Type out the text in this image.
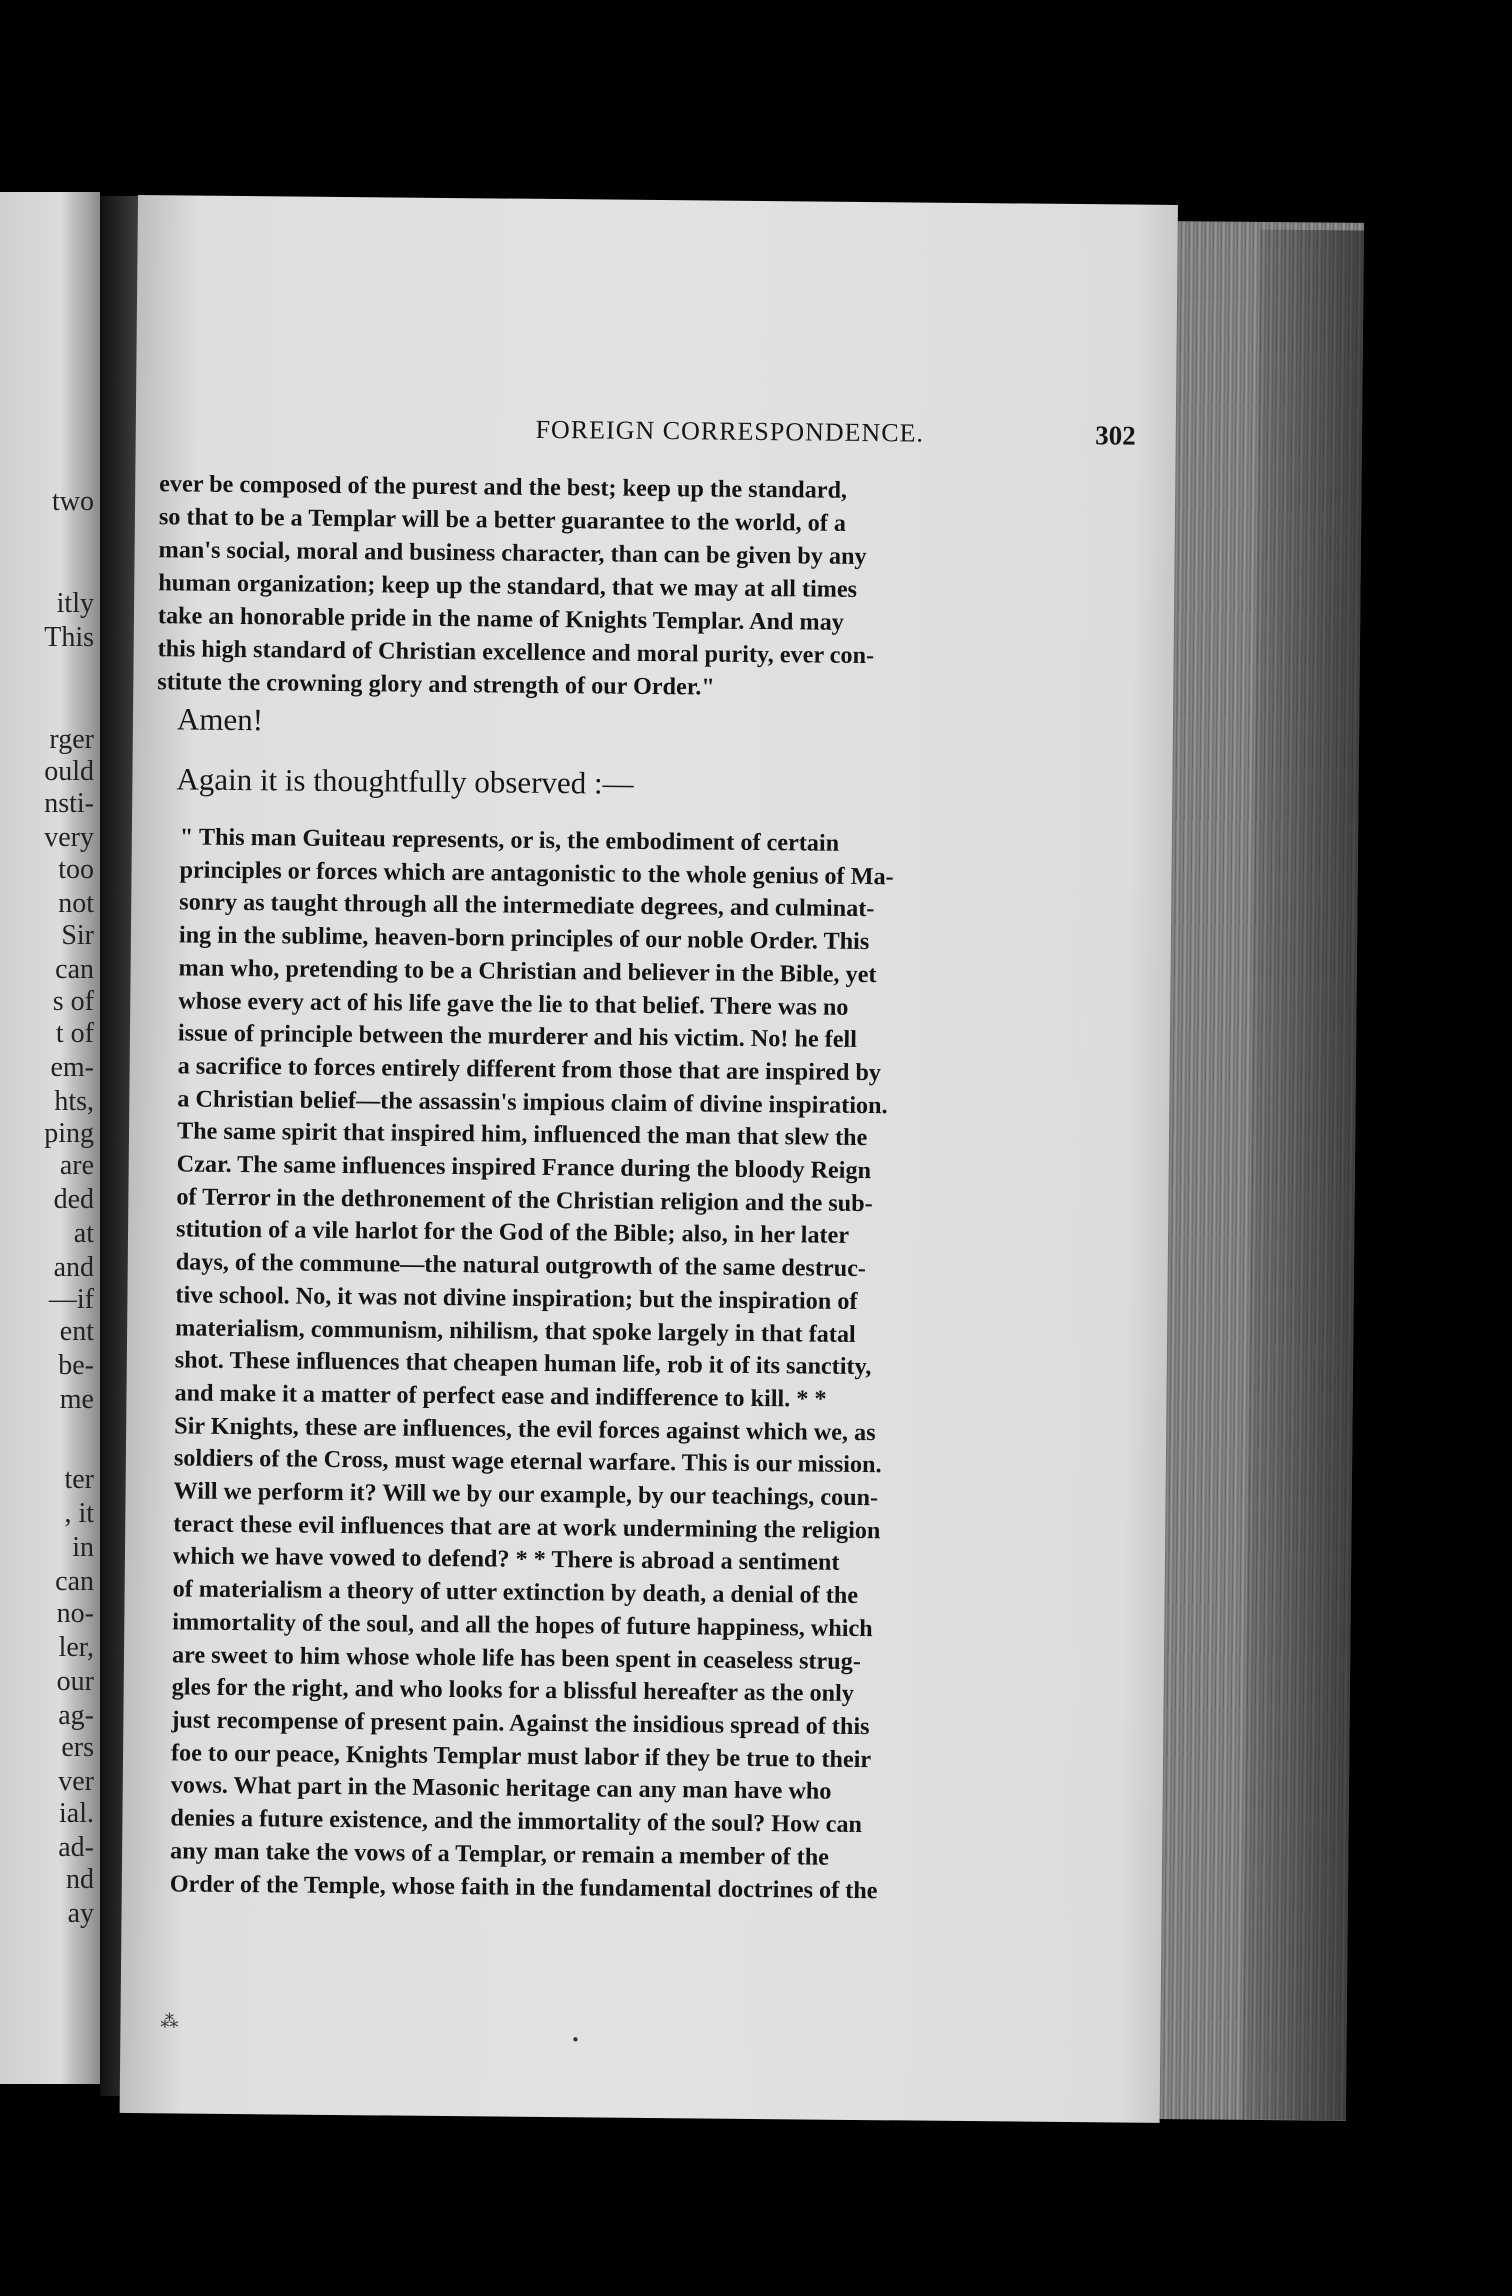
two
itly
This
rger
ould
nsti-
very
too
not
Sir
can
s of
t of
em-
hts,
ping
are
ded
at
and
—if
ent
be-
me
ter
, it
in
can
no-
ler,
our
ag-
ers
ver
ial.
ad-
nd
ay
FOREIGN CORRESPONDENCE.	302
ever be composed of the purest and the best; keep up the standard,
so that to be a Templar will be a better guarantee to the world, of a
man's social, moral and business character, than can be given by any
human organization; keep up the standard, that we may at all times
take an honorable pride in the name of Knights Templar. And may
this high standard of Christian excellence and moral purity, ever con-
stitute the crowning glory and strength of our Order."
Amen!
Again it is thoughtfully observed :—
" This man Guiteau represents, or is, the embodiment of certain
principles or forces which are antagonistic to the whole genius of Ma-
sonry as taught through all the intermediate degrees, and culminat-
ing in the sublime, heaven-born principles of our noble Order. This
man who, pretending to be a Christian and believer in the Bible, yet
whose every act of his life gave the lie to that belief. There was no
issue of principle between the murderer and his victim. No! he fell
a sacrifice to forces entirely different from those that are inspired by
a Christian belief—the assassin's impious claim of divine inspiration.
The same spirit that inspired him, influenced the man that slew the
Czar. The same influences inspired France during the bloody Reign
of Terror in the dethronement of the Christian religion and the sub-
stitution of a vile harlot for the God of the Bible; also, in her later
days, of the commune—the natural outgrowth of the same destruc-
tive school. No, it was not divine inspiration; but the inspiration of
materialism, communism, nihilism, that spoke largely in that fatal
shot. These influences that cheapen human life, rob it of its sanctity,
and make it a matter of perfect ease and indifference to kill. * *
Sir Knights, these are influences, the evil forces against which we, as
soldiers of the Cross, must wage eternal warfare. This is our mission.
Will we perform it? Will we by our example, by our teachings, coun-
teract these evil influences that are at work undermining the religion
which we have vowed to defend? * * There is abroad a sentiment
of materialism a theory of utter extinction by death, a denial of the
immortality of the soul, and all the hopes of future happiness, which
are sweet to him whose whole life has been spent in ceaseless strug-
gles for the right, and who looks for a blissful hereafter as the only
just recompense of present pain. Against the insidious spread of this
foe to our peace, Knights Templar must labor if they be true to their
vows. What part in the Masonic heritage can any man have who
denies a future existence, and the immortality of the soul? How can
any man take the vows of a Templar, or remain a member of the
Order of the Temple, whose faith in the fundamental doctrines of the
⁂
•
